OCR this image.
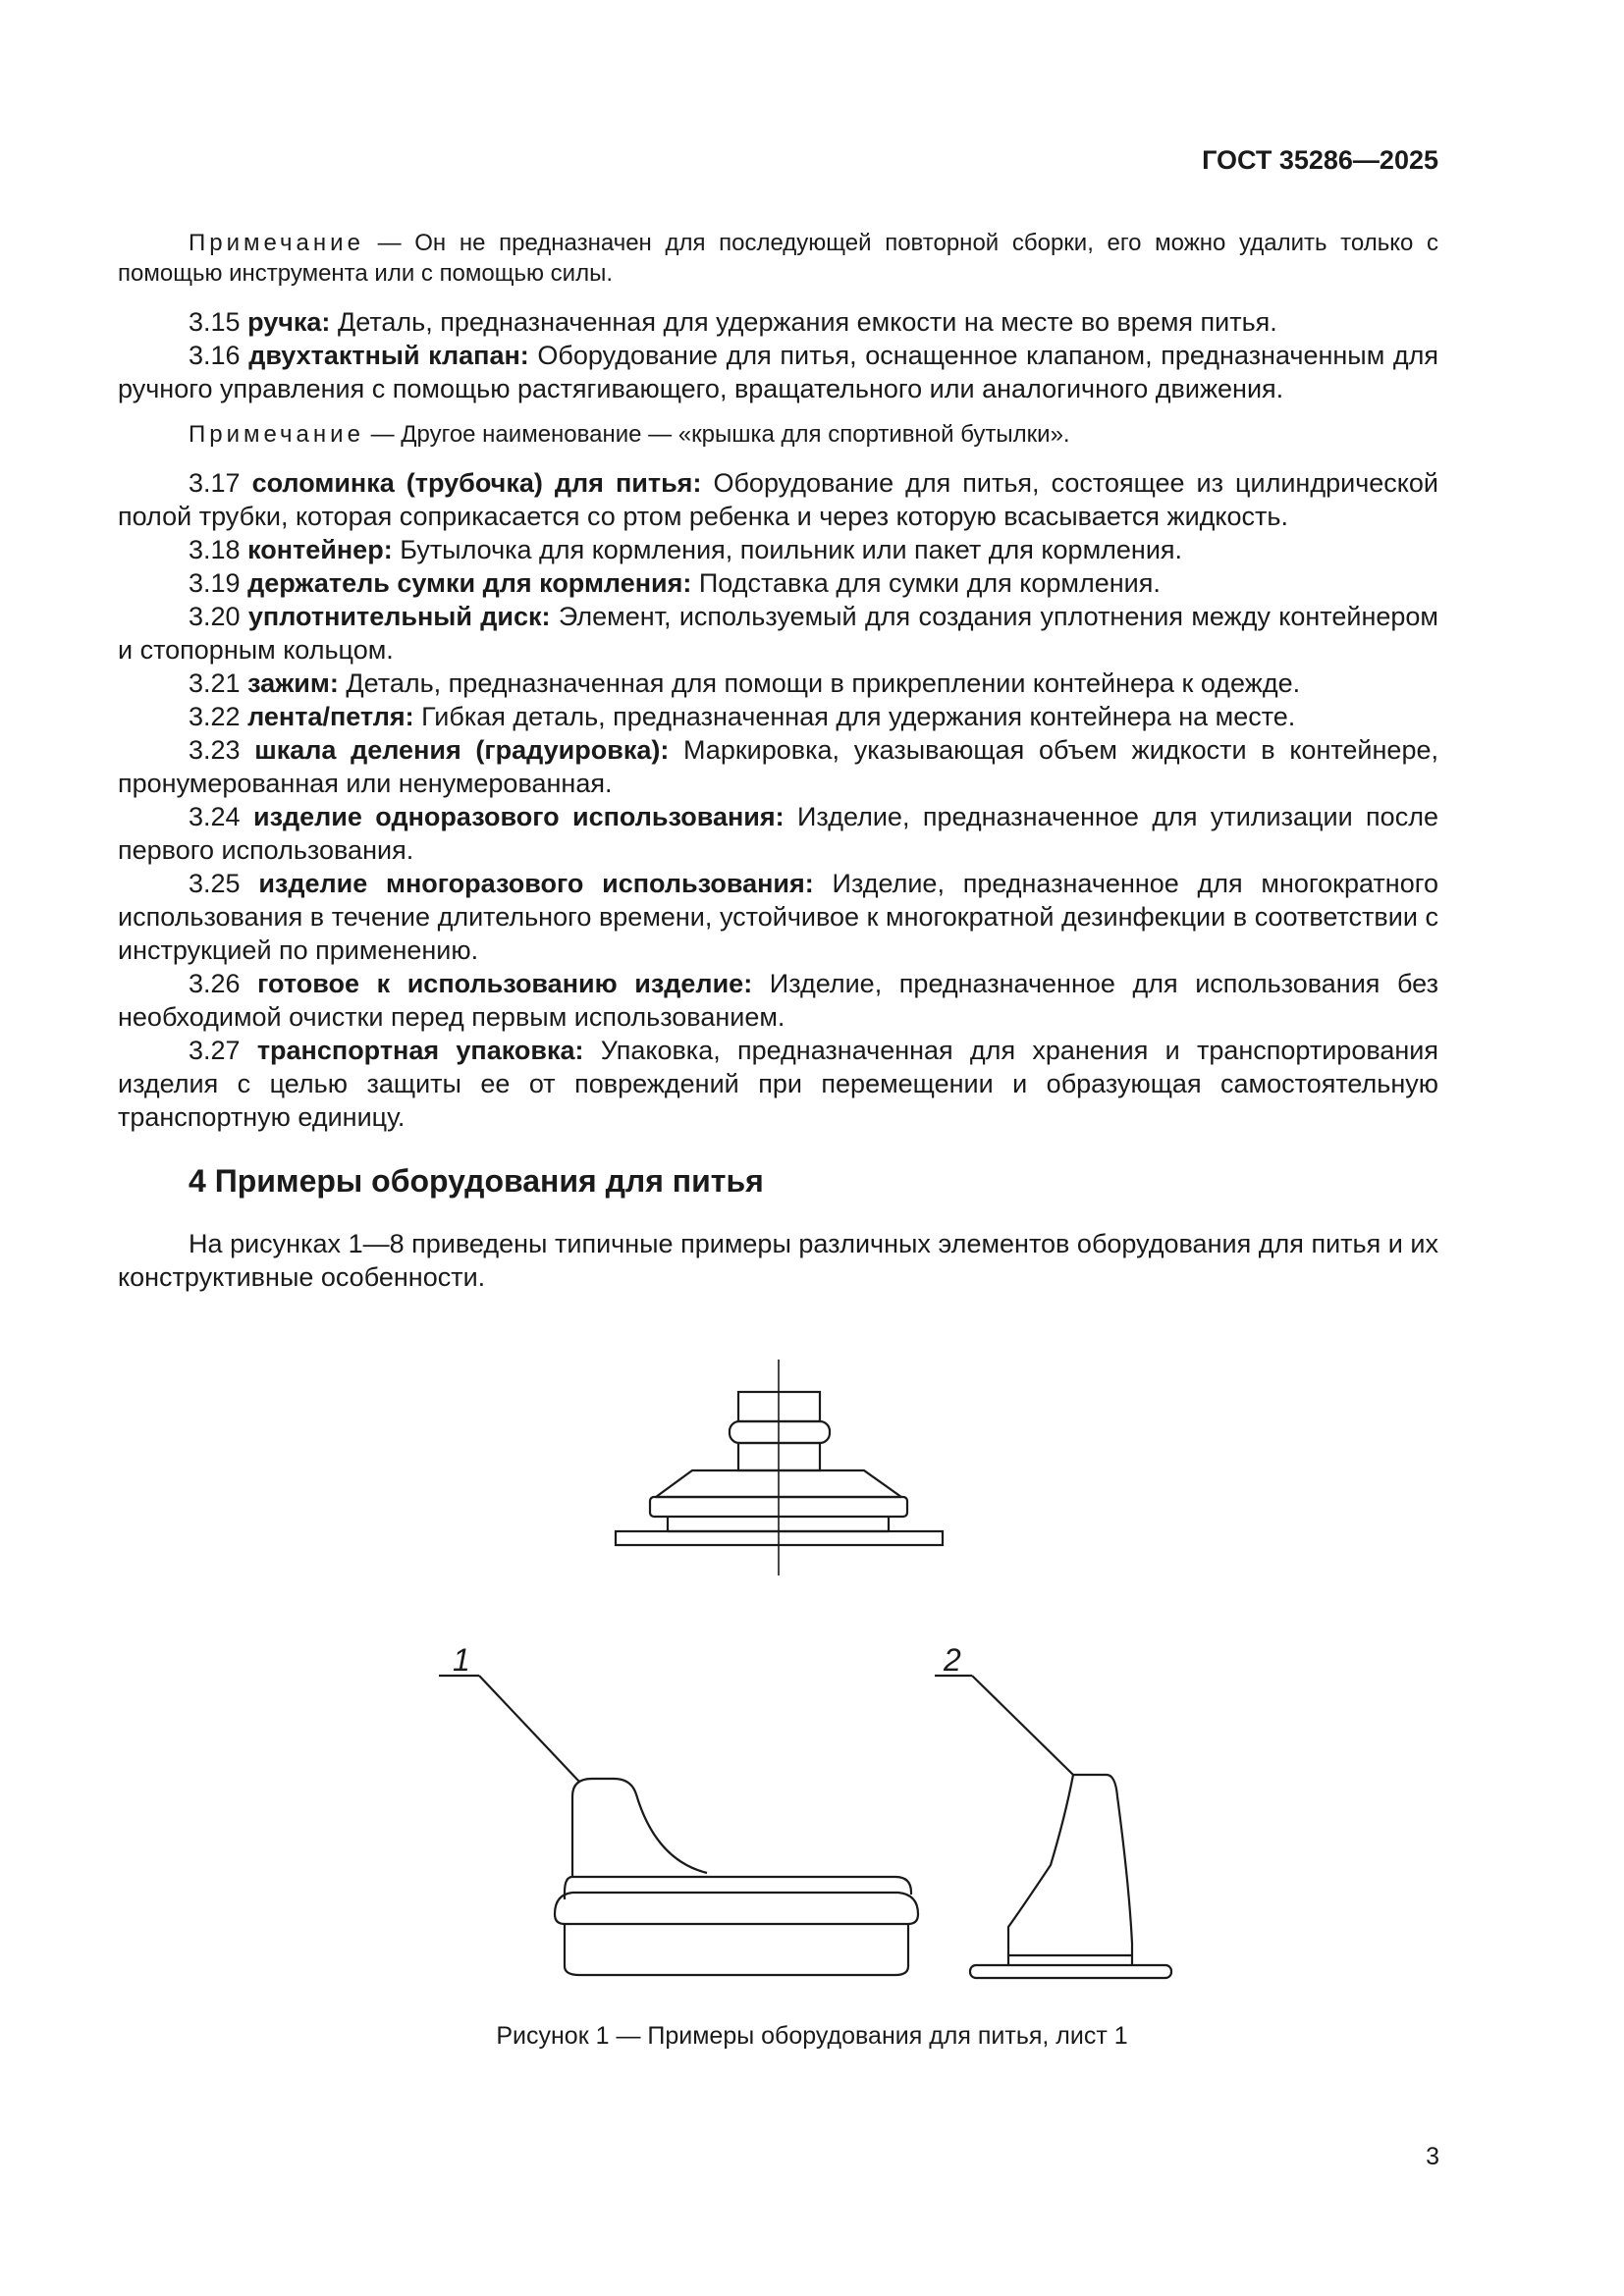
ГОСТ 35286—2025

Примечание — Он не предназначен для последующей повторной сборки, его можно удалить только с помощью инструмента или с помощью силы.

3.15 ручка: Деталь, предназначенная для удержания емкости на месте во время питья.

3.16 двухтактный клапан: Оборудование для питья, оснащенное клапаном, предназначенным для ручного управления с помощью растягивающего, вращательного или аналогичного движения.

Примечание — Другое наименование — «крышка для спортивной бутылки».

3.17 соломинка (трубочка) для питья: Оборудование для питья, состоящее из цилиндрической полой трубки, которая соприкасается со ртом ребенка и через которую всасывается жидкость.

3.18 контейнер: Бутылочка для кормления, поильник или пакет для кормления.

3.19 держатель сумки для кормления: Подставка для сумки для кормления.

3.20 уплотнительный диск: Элемент, используемый для создания уплотнения между контейнером и стопорным кольцом.

3.21 зажим: Деталь, предназначенная для помощи в прикреплении контейнера к одежде.

3.22 лента/петля: Гибкая деталь, предназначенная для удержания контейнера на месте.

3.23 шкала деления (градуировка): Маркировка, указывающая объем жидкости в контейнере, пронумерованная или ненумерованная.

3.24 изделие одноразового использования: Изделие, предназначенное для утилизации после первого использования.

3.25 изделие многоразового использования: Изделие, предназначенное для многократного использования в течение длительного времени, устойчивое к многократной дезинфекции в соответствии с инструкцией по применению.

3.26 готовое к использованию изделие: Изделие, предназначенное для использования без необходимой очистки перед первым использованием.

3.27 транспортная упаковка: Упаковка, предназначенная для хранения и транспортирования изделия с целью защиты ее от повреждений при перемещении и образующая самостоятельную транспортную единицу.

4 Примеры оборудования для питья

На рисунках 1—8 приведены типичные примеры различных элементов оборудования для питья и их конструктивные особенности.

1	2
Рисунок 1 — Примеры оборудования для питья, лист 1
3
